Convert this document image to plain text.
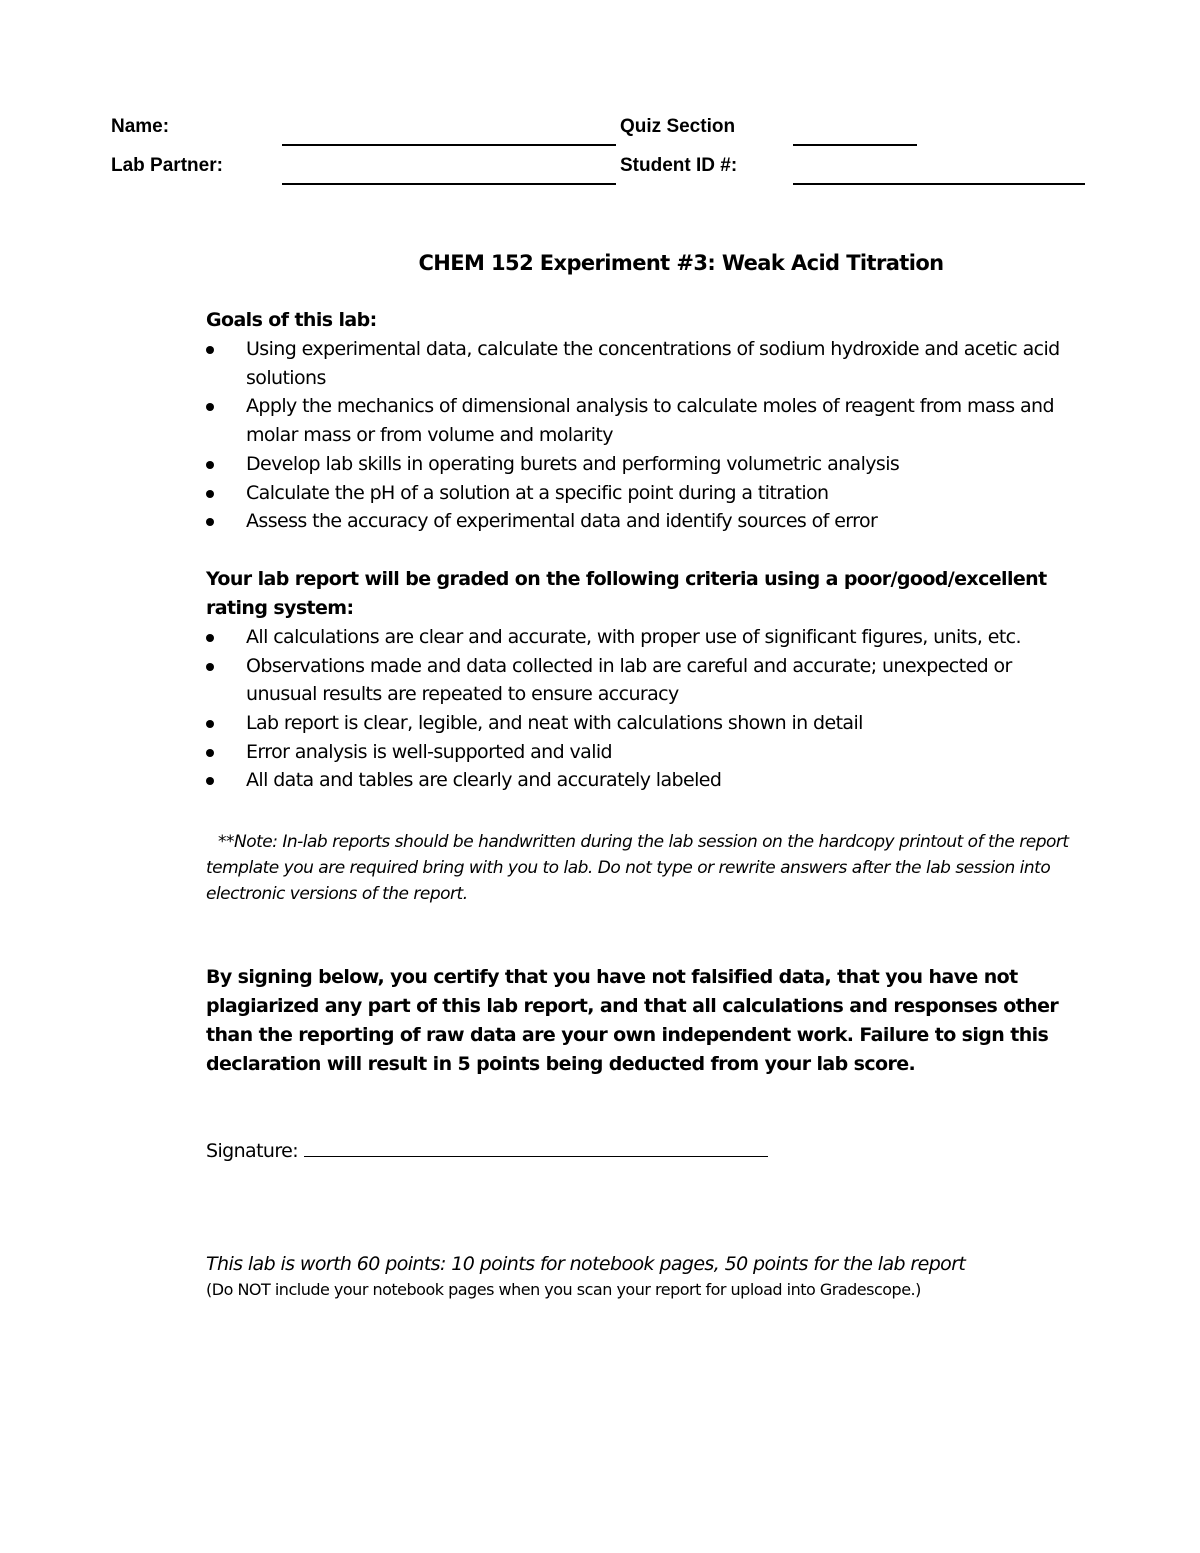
Name:	Quiz Section
Lab Partner:	Student ID #:
CHEM 152 Experiment #3: Weak Acid Titration

Goals of this lab:

Using experimental data, calculate the concentrations of sodium hydroxide and acetic acid solutions
Apply the mechanics of dimensional analysis to calculate moles of reagent from mass and molar mass or from volume and molarity
Develop lab skills in operating burets and performing volumetric analysis
Calculate the pH of a solution at a specific point during a titration
Assess the accuracy of experimental data and identify sources of error

Your lab report will be graded on the following criteria using a poor/good/excellent rating system:

All calculations are clear and accurate, with proper use of significant figures, units, etc.
Observations made and data collected in lab are careful and accurate; unexpected or unusual results are repeated to ensure accuracy
Lab report is clear, legible, and neat with calculations shown in detail
Error analysis is well-supported and valid
All data and tables are clearly and accurately labeled
**Note: In-lab reports should be handwritten during the lab session on the hardcopy printout of the report template you are required bring with you to lab. Do not type or rewrite answers after the lab session into electronic versions of the report.
By signing below, you certify that you have not falsified data, that you have not plagiarized any part of this lab report, and that all calculations and responses other than the reporting of raw data are your own independent work. Failure to sign this declaration will result in 5 points being deducted from your lab score.
Signature:
This lab is worth 60 points: 10 points for notebook pages, 50 points for the lab report
(Do NOT include your notebook pages when you scan your report for upload into Gradescope.)
